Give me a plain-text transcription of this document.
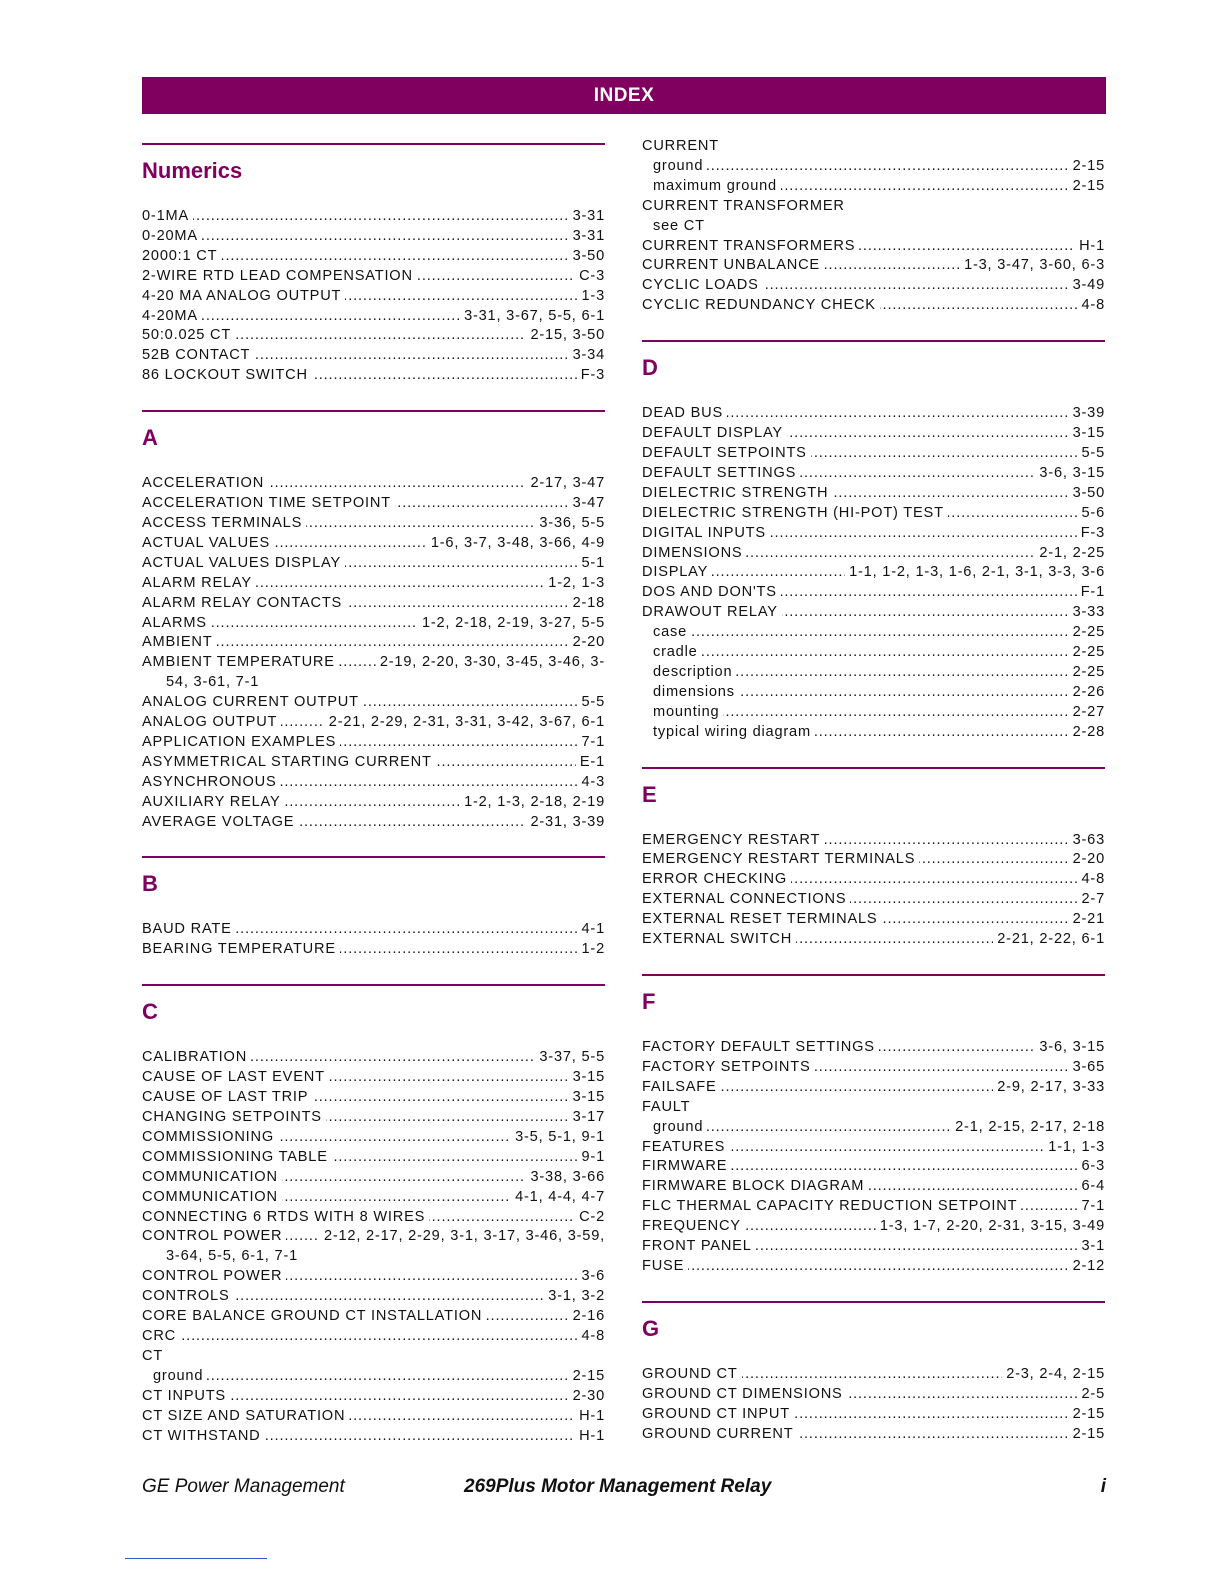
INDEX
Numerics
3-31
0-1MA . . .
3-31
0-20MA . . .
3-50
2000:1 CT . . .
C-3
2-WIRE RTD LEAD COMPENSATION . . .
1-3
4-20 MA ANALOG OUTPUT . . .
3-31, 3-67, 5-5, 6-1
4-20MA . . .
2-15, 3-50
50:0.025 CT . . .
3-34
52B CONTACT . . .
F-3
86 LOCKOUT SWITCH . . .
A
2-17, 3-47
ACCELERATION . . .
3-47
ACCELERATION TIME SETPOINT . . .
3-36, 5-5
ACCESS TERMINALS . . .
1-6, 3-7, 3-48, 3-66, 4-9
ACTUAL VALUES . . .
5-1
ACTUAL VALUES DISPLAY . . .
1-2, 1-3
ALARM RELAY . . .
2-18
ALARM RELAY CONTACTS . . .
1-2, 2-18, 2-19, 3-27, 5-5
ALARMS . . .
2-20
AMBIENT . . .
2-19, 2-20, 3-30, 3-45, 3-46, 3-
AMBIENT TEMPERATURE . . .
54, 3-61, 7-1
5-5
ANALOG CURRENT OUTPUT . . .
2-21, 2-29, 2-31, 3-31, 3-42, 3-67, 6-1
ANALOG OUTPUT . . .
7-1
APPLICATION EXAMPLES . . .
E-1
ASYMMETRICAL STARTING CURRENT . . .
4-3
ASYNCHRONOUS . . .
1-2, 1-3, 2-18, 2-19
AUXILIARY RELAY . . .
2-31, 3-39
AVERAGE VOLTAGE . . .
B
4-1
BAUD RATE . . .
1-2
BEARING TEMPERATURE . . .
C
3-37, 5-5
CALIBRATION . . .
3-15
CAUSE OF LAST EVENT . . .
3-15
CAUSE OF LAST TRIP . . .
3-17
CHANGING SETPOINTS . . .
3-5, 5-1, 9-1
COMMISSIONING . . .
9-1
COMMISSIONING TABLE . . .
3-38, 3-66
COMMUNICATION . . .
4-1, 4-4, 4-7
COMMUNICATION . . .
C-2
CONNECTING 6 RTDS WITH 8 WIRES . . .
2-12, 2-17, 2-29, 3-1, 3-17, 3-46, 3-59,
CONTROL POWER . . .
3-64, 5-5, 6-1, 7-1
3-6
CONTROL POWER . . .
3-1, 3-2
CONTROLS . . .
2-16
CORE BALANCE GROUND CT INSTALLATION . . .
4-8
CRC . . .
CT
2-15
ground . . .
2-30
CT INPUTS . . .
H-1
CT SIZE AND SATURATION . . .
H-1
CT WITHSTAND . . .
CURRENT
2-15
ground . . .
2-15
maximum ground . . .
CURRENT TRANSFORMER
see CT
H-1
CURRENT TRANSFORMERS . . .
1-3, 3-47, 3-60, 6-3
CURRENT UNBALANCE . . .
3-49
CYCLIC LOADS . . .
4-8
CYCLIC REDUNDANCY CHECK . . .
D
3-39
DEAD BUS . . .
3-15
DEFAULT DISPLAY . . .
5-5
DEFAULT SETPOINTS . . .
3-6, 3-15
DEFAULT SETTINGS . . .
3-50
DIELECTRIC STRENGTH . . .
5-6
DIELECTRIC STRENGTH (HI-POT) TEST . . .
F-3
DIGITAL INPUTS . . .
2-1, 2-25
DIMENSIONS . . .
1-1, 1-2, 1-3, 1-6, 2-1, 3-1, 3-3, 3-6
DISPLAY . . .
F-1
DOS AND DON'TS . . .
3-33
DRAWOUT RELAY . . .
2-25
case . . .
2-25
cradle . . .
2-25
description . . .
2-26
dimensions . . .
2-27
mounting . . .
2-28
typical wiring diagram . . .
E
3-63
EMERGENCY RESTART . . .
2-20
EMERGENCY RESTART TERMINALS . . .
4-8
ERROR CHECKING . . .
2-7
EXTERNAL CONNECTIONS . . .
2-21
EXTERNAL RESET TERMINALS . . .
2-21, 2-22, 6-1
EXTERNAL SWITCH . . .
F
3-6, 3-15
FACTORY DEFAULT SETTINGS . . .
3-65
FACTORY SETPOINTS . . .
2-9, 2-17, 3-33
FAILSAFE . . .
FAULT
2-1, 2-15, 2-17, 2-18
ground . . .
1-1, 1-3
FEATURES . . .
6-3
FIRMWARE . . .
6-4
FIRMWARE BLOCK DIAGRAM . . .
7-1
FLC THERMAL CAPACITY REDUCTION SETPOINT . . .
1-3, 1-7, 2-20, 2-31, 3-15, 3-49
FREQUENCY . . .
3-1
FRONT PANEL . . .
2-12
FUSE . . .
G
2-3, 2-4, 2-15
GROUND CT . . .
2-5
GROUND CT DIMENSIONS . . .
2-15
GROUND CT INPUT . . .
2-15
GROUND CURRENT . . .
GE Power Management	269Plus Motor Management Relay	i
